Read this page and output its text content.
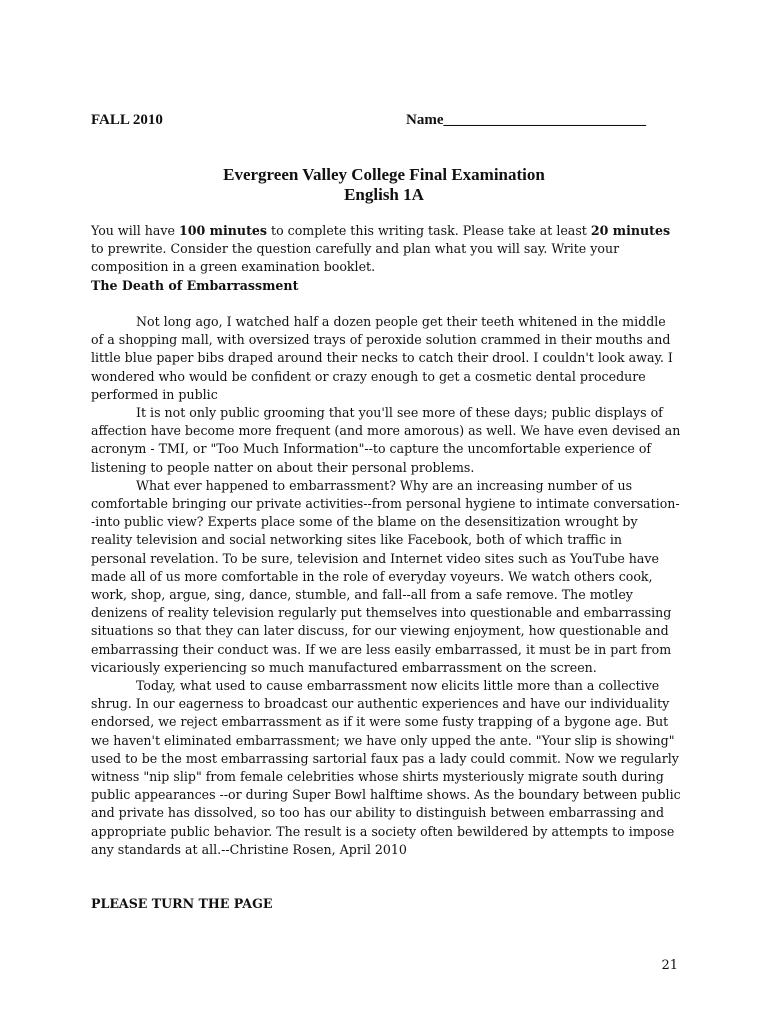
FALL 2010	Name___________________________
Evergreen Valley College Final Examination
English 1A

You will have 100 minutes to complete this writing task. Please take at least 20 minutes to prewrite. Consider the question carefully and plan what you will say. Write your composition in a green examination booklet.

The Death of Embarrassment

Not long ago, I watched half a dozen people get their teeth whitened in the middle of a shopping mall, with oversized trays of peroxide solution crammed in their mouths and little blue paper bibs draped around their necks to catch their drool. I couldn't look away. I wondered who would be confident or crazy enough to get a cosmetic dental procedure performed in public

It is not only public grooming that you'll see more of these days; public displays of affection have become more frequent (and more amorous) as well. We have even devised an acronym - TMI, or "Too Much Information"--to capture the uncomfortable experience of listening to people natter on about their personal problems.

What ever happened to embarrassment? Why are an increasing number of us comfortable bringing our private activities--from personal hygiene to intimate conversation--into public view? Experts place some of the blame on the desensitization wrought by reality television and social networking sites like Facebook, both of which traffic in personal revelation. To be sure, television and Internet video sites such as YouTube have made all of us more comfortable in the role of everyday voyeurs. We watch others cook, work, shop, argue, sing, dance, stumble, and fall--all from a safe remove. The motley denizens of reality television regularly put themselves into questionable and embarrassing situations so that they can later discuss, for our viewing enjoyment, how questionable and embarrassing their conduct was. If we are less easily embarrassed, it must be in part from vicariously experiencing so much manufactured embarrassment on the screen.

Today, what used to cause embarrassment now elicits little more than a collective shrug. In our eagerness to broadcast our authentic experiences and have our individuality endorsed, we reject embarrassment as if it were some fusty trapping of a bygone age. But we haven't eliminated embarrassment; we have only upped the ante. "Your slip is showing" used to be the most embarrassing sartorial faux pas a lady could commit. Now we regularly witness "nip slip" from female celebrities whose shirts mysteriously migrate south during public appearances --or during Super Bowl halftime shows. As the boundary between public and private has dissolved, so too has our ability to distinguish between embarrassing and appropriate public behavior. The result is a society often bewildered by attempts to impose any standards at all.--Christine Rosen, April 2010

PLEASE TURN THE PAGE
21
